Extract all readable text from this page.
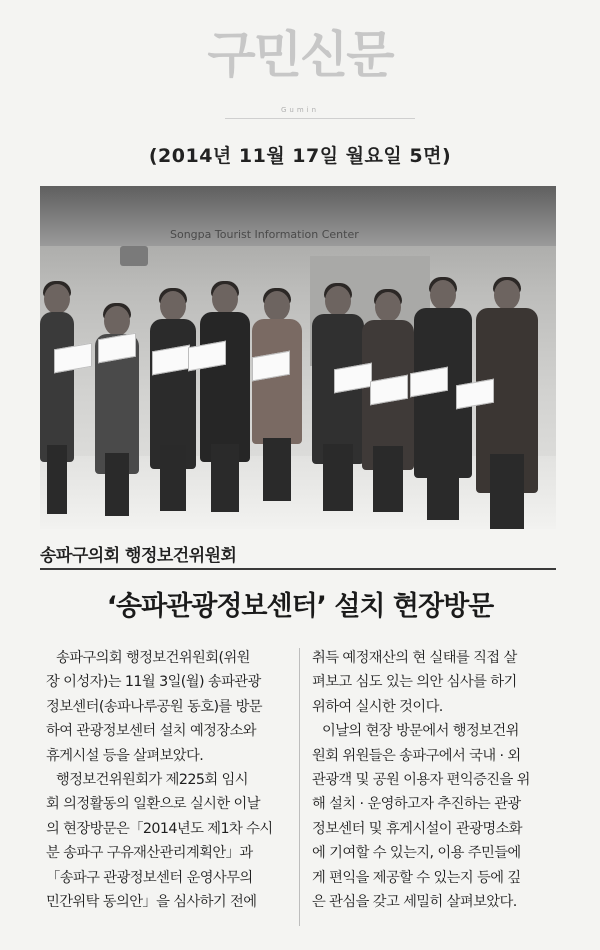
구민신문
Gumin
(2014년 11월 17일 월요일 5면)
Songpa Tourist Information Center
송파구의회 행정보건위원회
‘송파관광정보센터’ 설치 현장방문

송파구의회 행정보건위원회(위원

장 이성자)는 11월 3일(월) 송파관광

정보센터(송파나루공원 동호)를 방문

하여 관광정보센터 설치 예정장소와

휴게시설 등을 살펴보았다.

행정보건위원회가 제225회 임시

회 의정활동의 일환으로 실시한 이날

의 현장방문은「2014년도 제1차 수시

분 송파구 구유재산관리계획안」과

「송파구 관광정보센터 운영사무의

민간위탁 동의안」을 심사하기 전에

취득 예정재산의 현 실태를 직접 살

펴보고 심도 있는 의안 심사를 하기

위하여 실시한 것이다.

이날의 현장 방문에서 행정보건위

원회 위원들은 송파구에서 국내 · 외

관광객 및 공원 이용자 편익증진을 위

해 설치 · 운영하고자 추진하는 관광

정보센터 및 휴게시설이 관광명소화

에 기여할 수 있는지, 이용 주민들에

게 편익을 제공할 수 있는지 등에 깊

은 관심을 갖고 세밀히 살펴보았다.
